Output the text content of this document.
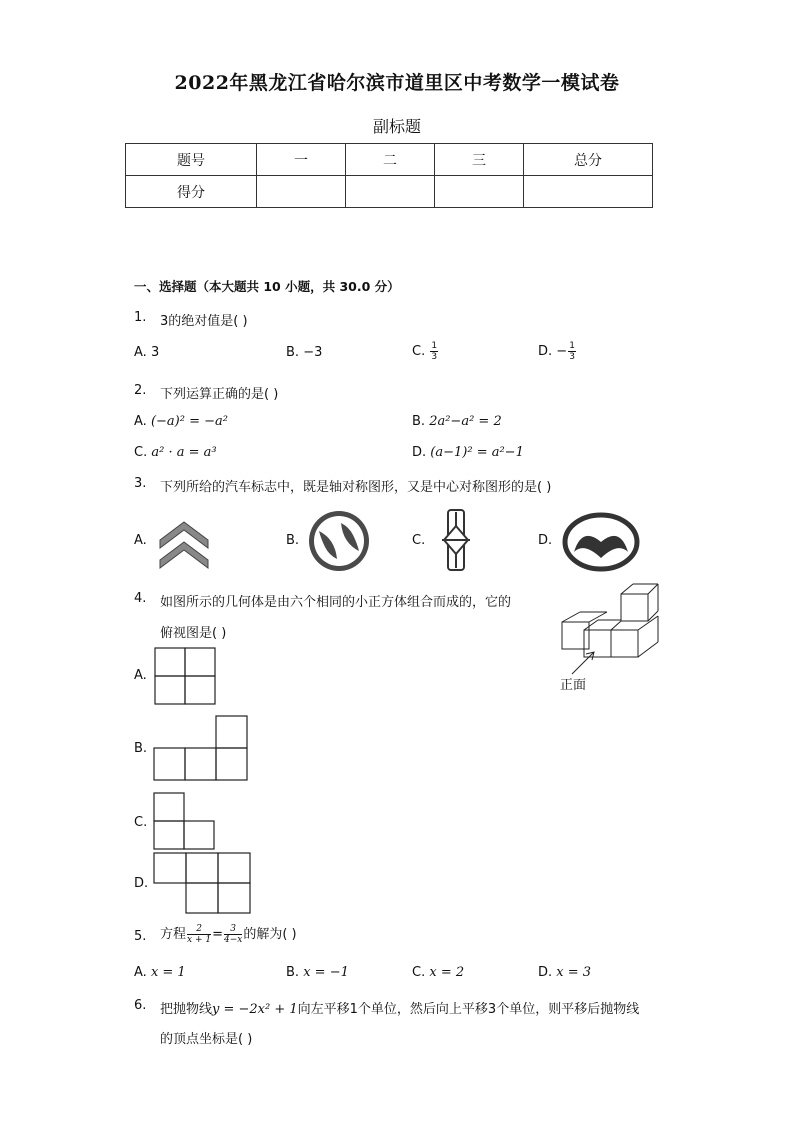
2022年黑龙江省哈尔滨市道里区中考数学一模试卷
副标题
题号	一	二	三	总分
得分				
一、选择题（本大题共 10 小题，共 30.0 分）
1. 3的绝对值是( )
A. 3	B. −3	C. $\frac{1}{3}$	D. − $\frac{1}{3}$
2. 下列运算正确的是( )
A. (−a)² = −a²	B. 2a²−a² = 2
C. a² · a = a³	D. (a−1)² = a²−1
3. 下列所给的汽车标志中，既是轴对称图形，又是中心对称图形的是( )
A.	B.	C.	D.
4. 如图所示的几何体是由六个相同的小正方体组合而成的，它的
俯视图是( )
正面
A.
B.
C.
D.
5. 方程 $\frac{2}{x + 1} = \frac{3}{4-x}$ 的解为( )
A. x = 1	B. x = −1	C. x = 2	D. x = 3
6. 把抛物线y = −2x² + 1向左平移1个单位，然后向上平移3个单位，则平移后抛物线
的顶点坐标是( )
